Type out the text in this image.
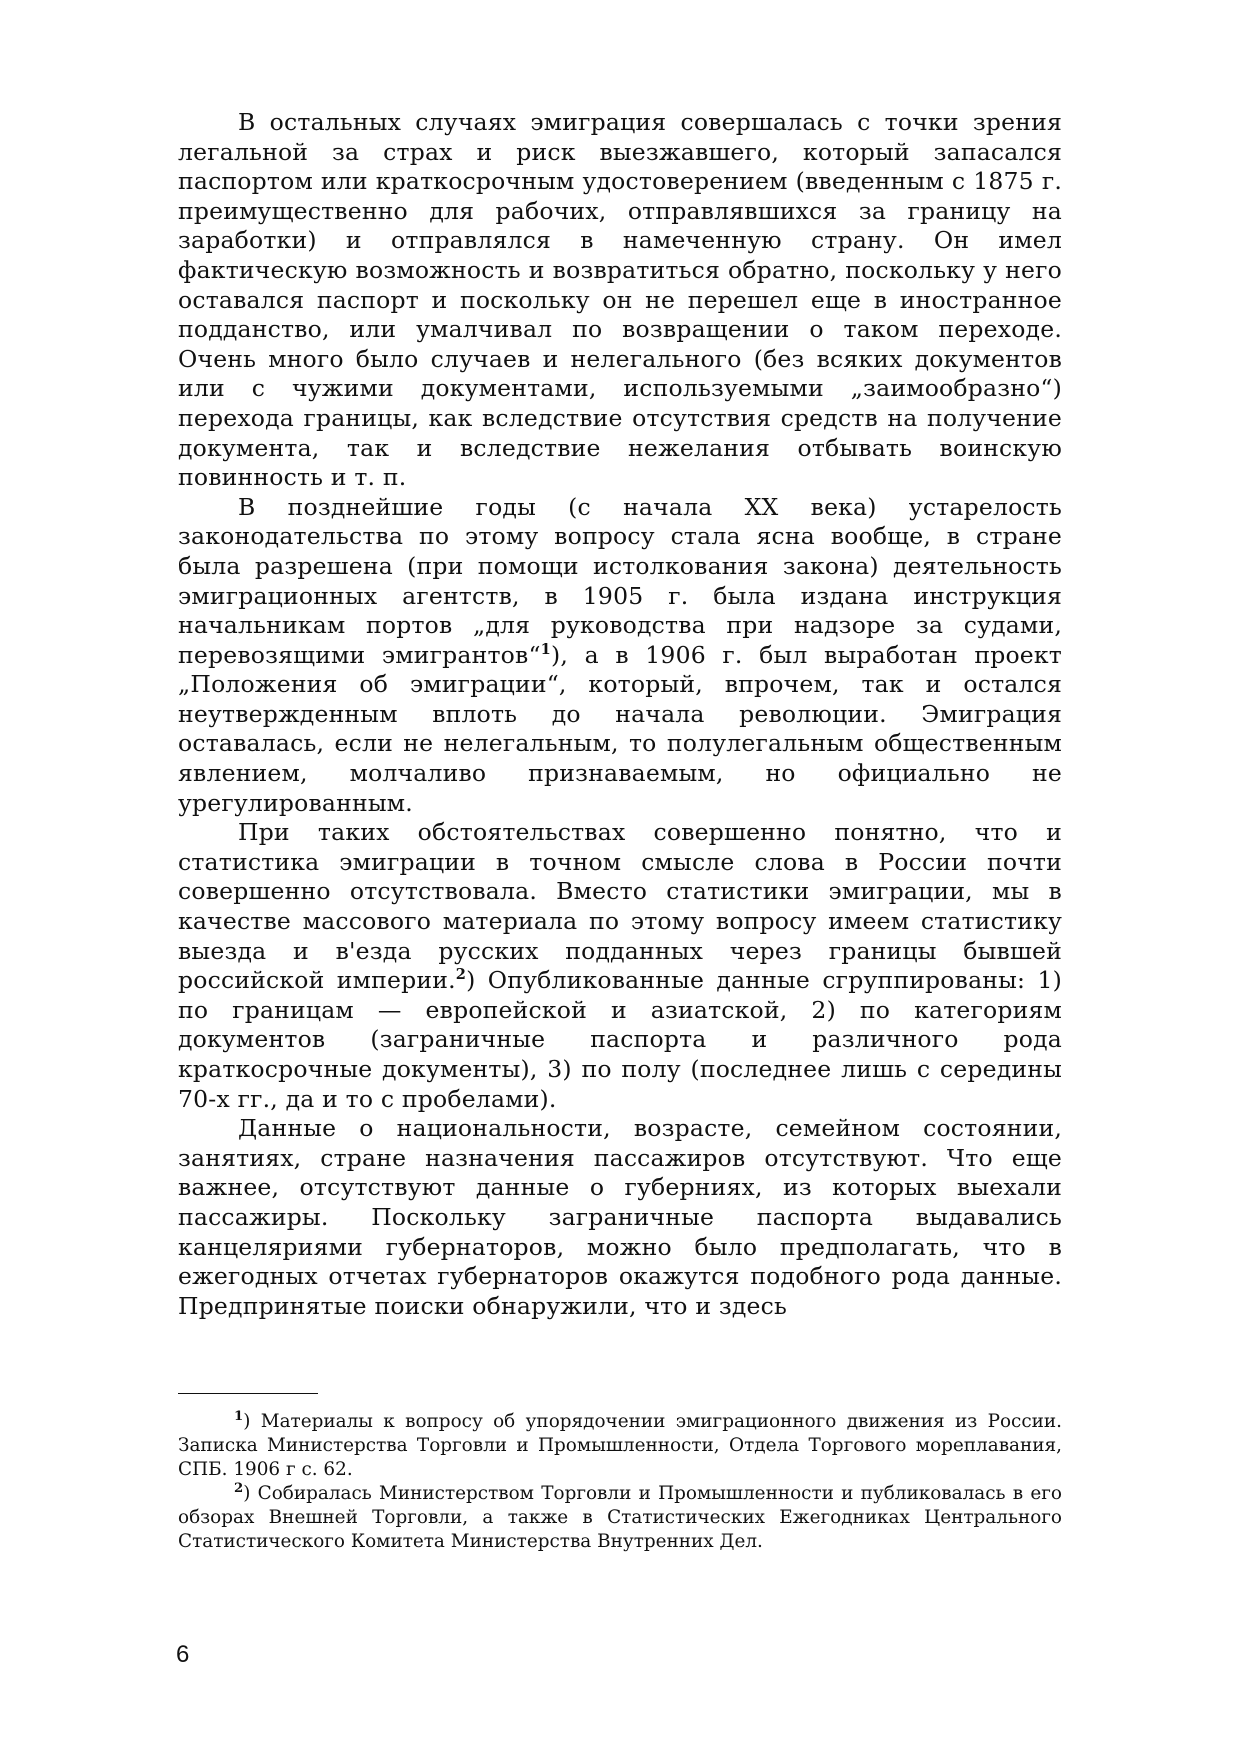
В остальных случаях эмиграция совершалась с точки зрения легальной за страх и риск выезжавшего, который запасался паспортом или краткосрочным удостоверением (введенным с 1875 г. преимущественно для рабочих, отправлявшихся за границу на заработки) и отправлялся в намеченную страну. Он имел фактическую возможность и возвратиться обратно, поскольку у него оставался паспорт и поскольку он не перешел еще в иностранное подданство, или умалчивал по возвращении о таком переходе. Очень много было случаев и нелегального (без всяких документов или с чужими документами, используемыми „заимообразно“) перехода границы, как вследствие отсутствия средств на получение документа, так и вследствие нежелания отбывать воинскую повинность и т. п.

В позднейшие годы (с начала XX века) устарелость законодательства по этому вопросу стала ясна вообще, в стране была разрешена (при помощи истолкования закона) деятельность эмиграционных агентств, в 1905 г. была издана инструкция начальникам портов „для руководства при надзоре за судами, перевозящими эмигрантов“$^1$), а в 1906 г. был выработан проект „Положения об эмиграции“, который, впрочем, так и остался неутвержденным вплоть до начала революции. Эмиграция оставалась, если не нелегальным, то полулегальным общественным явлением, молчаливо признаваемым, но официально не урегулированным.

При таких обстоятельствах совершенно понятно, что и статистика эмиграции в точном смысле слова в России почти совершенно отсутствовала. Вместо статистики эмиграции, мы в качестве массового материала по этому вопросу имеем статистику выезда и в'езда русских подданных через границы бывшей российской империи.$^2$) Опубликованные данные сгруппированы: 1) по границам — европейской и азиатской, 2) по категориям документов (заграничные паспорта и различного рода краткосрочные документы), 3) по полу (последнее лишь с середины 70-х гг., да и то с пробелами).

Данные о национальности, возрасте, семейном состоянии, занятиях, стране назначения пассажиров отсутствуют. Что еще важнее, отсутствуют данные о губерниях, из которых выехали пассажиры. Поскольку заграничные паспорта выдавались канцеляриями губернаторов, можно было предполагать, что в ежегодных отчетах губернаторов окажутся подобного рода данные. Предпринятые поиски обнаружили, что и здесь

$^1$) Материалы к вопросу об упорядочении эмиграционного движения из России. Записка Министерства Торговли и Промышленности, Отдела Торгового мореплавания, СПБ. 1906 г с. 62.

$^2$) Собиралась Министерством Торговли и Промышленности и публиковалась в его обзорах Внешней Торговли, а также в Статистических Ежегодниках Центрального Статистического Комитета Министерства Внутренних Дел.

6
